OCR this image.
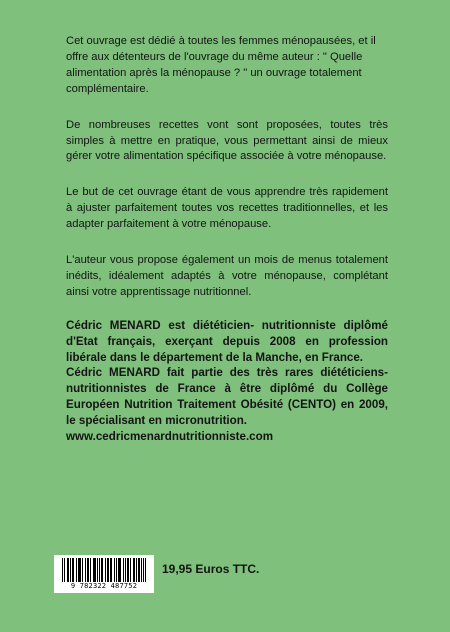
Cet ouvrage est dédié à toutes les femmes ménopausées, et il offre aux détenteurs de l'ouvrage du même auteur : " Quelle alimentation après la ménopause ? " un ouvrage totalement complémentaire.

De nombreuses recettes vont sont proposées, toutes très simples à mettre en pratique, vous permettant ainsi de mieux gérer votre alimentation spécifique associée à votre ménopause.

Le but de cet ouvrage étant de vous apprendre très rapidement à ajuster parfaitement toutes vos recettes traditionnelles, et les adapter parfaitement à votre ménopause.

L'auteur vous propose également un mois de menus totalement inédits, idéalement adaptés à votre ménopause, complétant ainsi votre apprentissage nutritionnel.

Cédric MENARD est diététicien- nutritionniste diplômé d'Etat français, exerçant depuis 2008 en profession libérale dans le département de la Manche, en France.

Cédric MENARD fait partie des très rares diététiciens-nutritionnistes de France à être diplômé du Collège Européen Nutrition Traitement Obésité (CENTO) en 2009, le spécialisant en micronutrition.

www.cedricmenardnutritionniste.com

9 782322 487752
19,95 Euros TTC.
